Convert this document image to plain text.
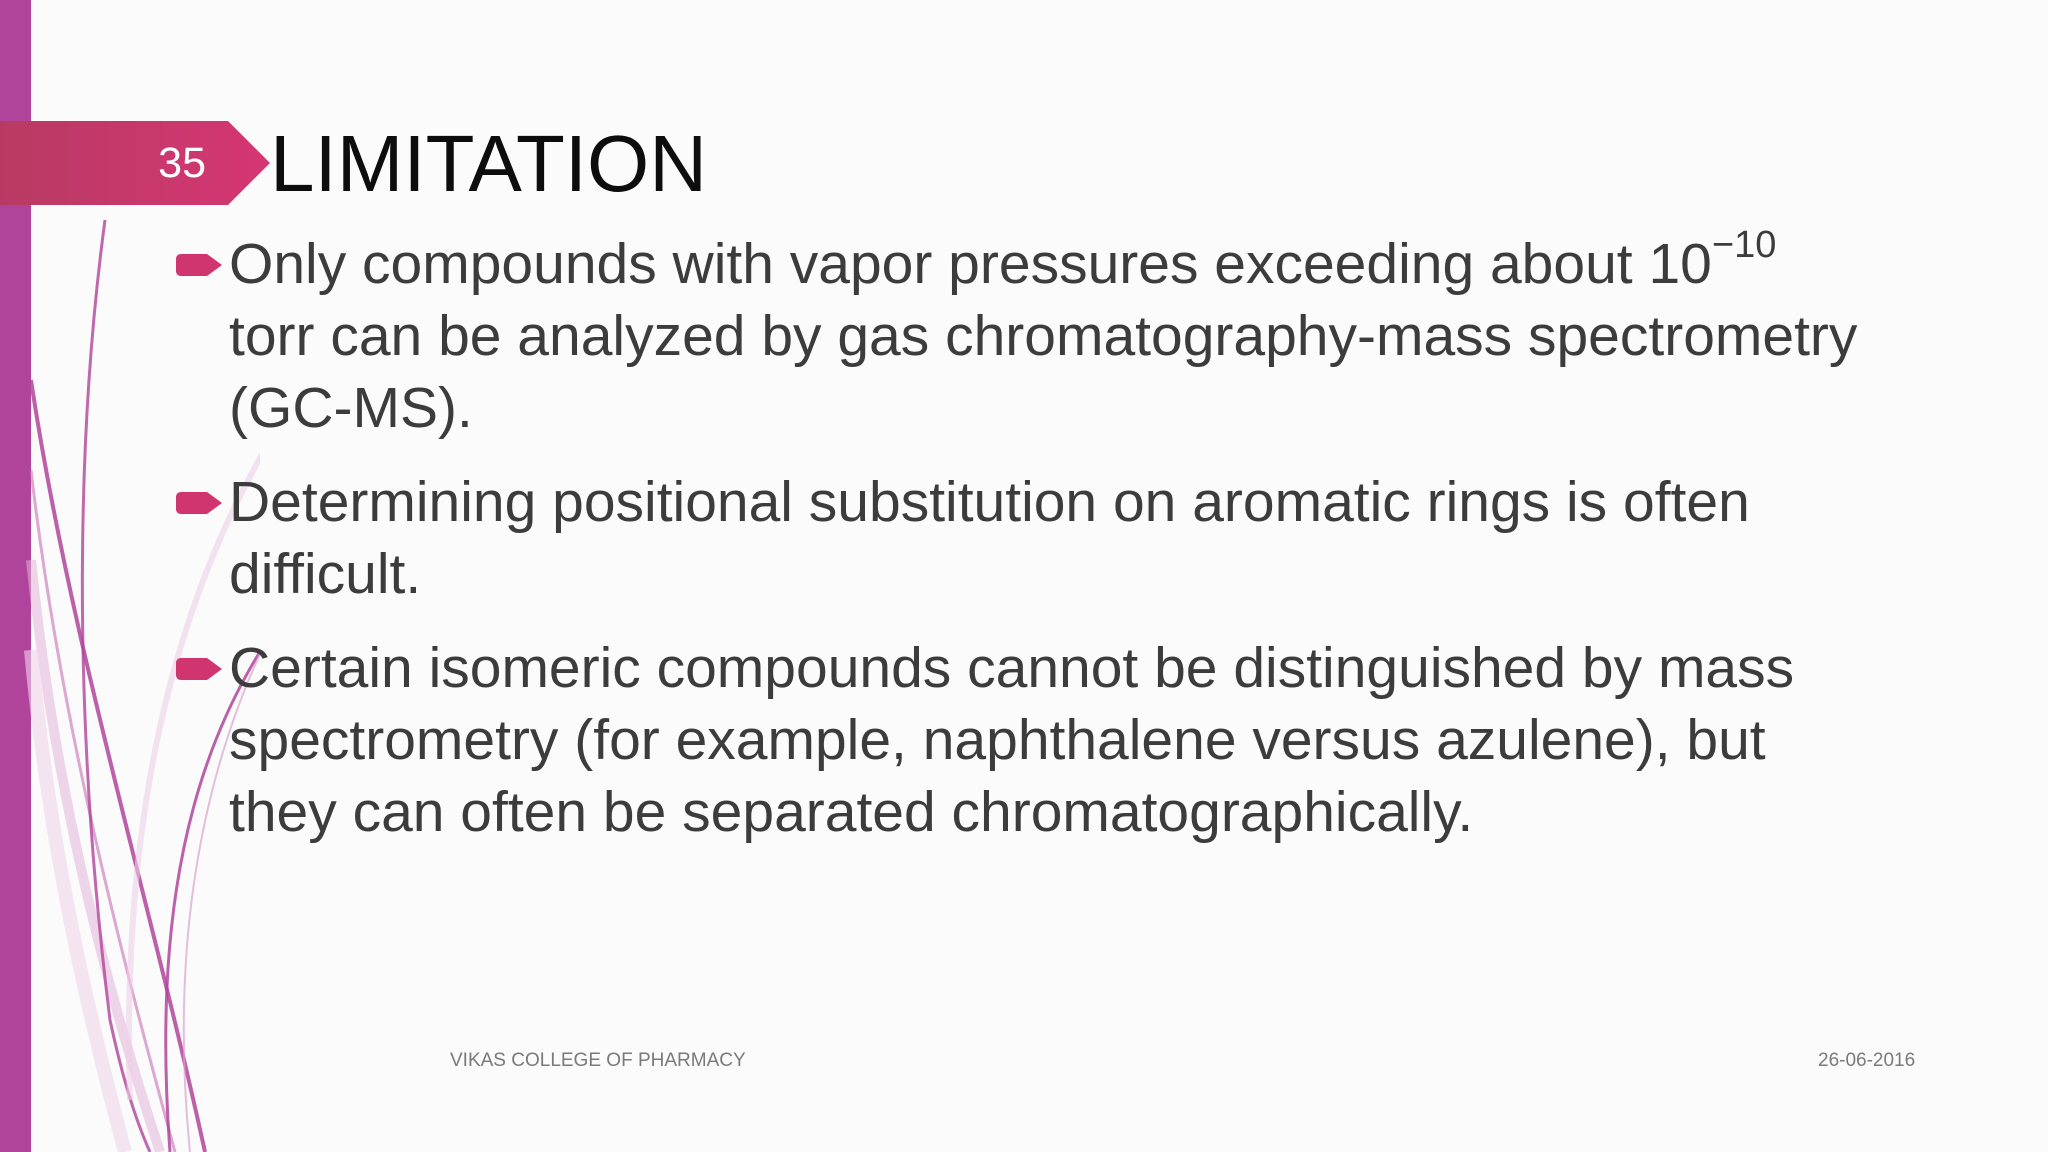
35 LIMITATION
Only compounds with vapor pressures exceeding about $10^{-10}$
torr can be analyzed by gas chromatography-mass spectrometry
(GC-MS).
Determining positional substitution on aromatic rings is often
difficult.
Certain isomeric compounds cannot be distinguished by mass
spectrometry (for example, naphthalene versus azulene), but
they can often be separated chromatographically.
VIKAS COLLEGE OF PHARMACY	26-06-2016
